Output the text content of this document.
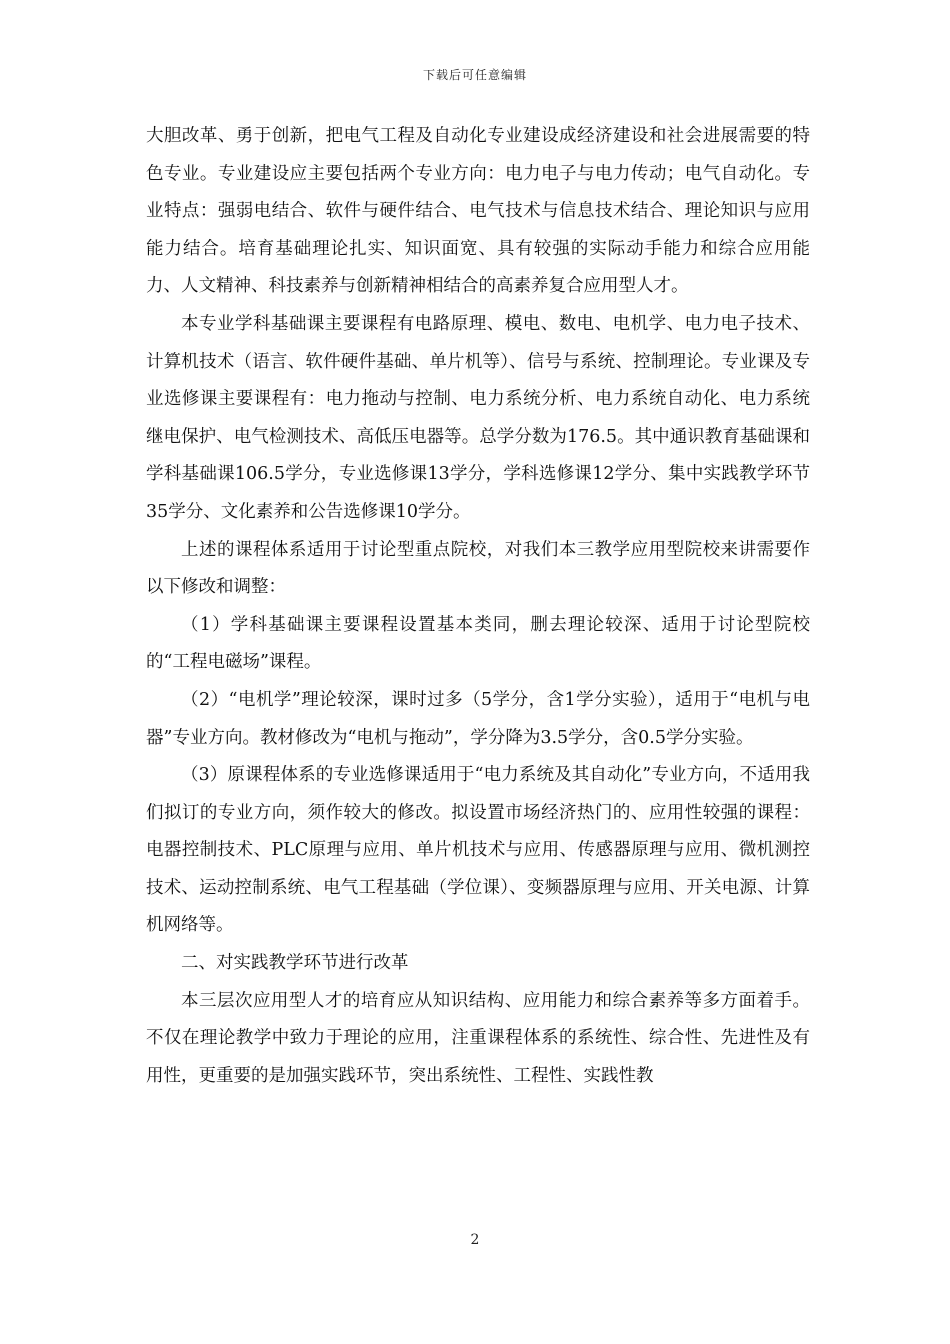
下载后可任意编辑

大胆改革、勇于创新，把电气工程及自动化专业建设成经济建设和社会进展需要的特色专业。专业建设应主要包括两个专业方向：电力电子与电力传动；电气自动化。专业特点：强弱电结合、软件与硬件结合、电气技术与信息技术结合、理论知识与应用能力结合。培育基础理论扎实、知识面宽、具有较强的实际动手能力和综合应用能力、人文精神、科技素养与创新精神相结合的高素养复合应用型人才。

本专业学科基础课主要课程有电路原理、模电、数电、电机学、电力电子技术、计算机技术（语言、软件硬件基础、单片机等）、信号与系统、控制理论。专业课及专业选修课主要课程有：电力拖动与控制、电力系统分析、电力系统自动化、电力系统继电保护、电气检测技术、高低压电器等。总学分数为176.5。其中通识教育基础课和学科基础课106.5学分，专业选修课13学分，学科选修课12学分、集中实践教学环节35学分、文化素养和公告选修课10学分。

上述的课程体系适用于讨论型重点院校，对我们本三教学应用型院校来讲需要作以下修改和调整：

（1）学科基础课主要课程设置基本类同，删去理论较深、适用于讨论型院校的“工程电磁场”课程。

（2）“电机学”理论较深，课时过多（5学分，含1学分实验），适用于“电机与电器”专业方向。教材修改为“电机与拖动”，学分降为3.5学分，含0.5学分实验。

（3）原课程体系的专业选修课适用于“电力系统及其自动化”专业方向，不适用我们拟订的专业方向，须作较大的修改。拟设置市场经济热门的、应用性较强的课程：电器控制技术、PLC原理与应用、单片机技术与应用、传感器原理与应用、微机测控技术、运动控制系统、电气工程基础（学位课）、变频器原理与应用、开关电源、计算机网络等。

二、对实践教学环节进行改革

本三层次应用型人才的培育应从知识结构、应用能力和综合素养等多方面着手。不仅在理论教学中致力于理论的应用，注重课程体系的系统性、综合性、先进性及有用性，更重要的是加强实践环节，突出系统性、工程性、实践性教

2
